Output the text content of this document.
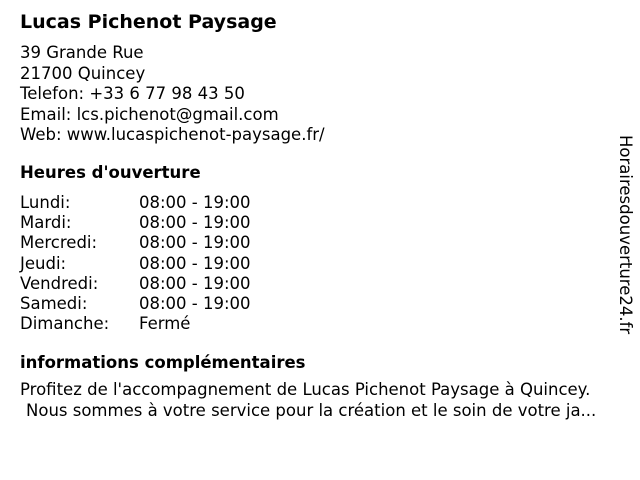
Lucas Pichenot Paysage
39 Grande Rue
21700 Quincey
Telefon: +33 6 77 98 43 50
Email: lcs.pichenot@gmail.com
Web: www.lucaspichenot-paysage.fr/
Heures d'ouverture
Lundi:	08:00 - 19:00
Mardi:	08:00 - 19:00
Mercredi:	08:00 - 19:00
Jeudi:	08:00 - 19:00
Vendredi: 08:00 - 19:00
Samedi:	08:00 - 19:00
Dimanche: Fermé
informations complémentaires
Profitez de l'accompagnement de Lucas Pichenot Paysage à Quincey.
Nous sommes à votre service pour la création et le soin de votre ja...
Horairesdouverture24.fr
